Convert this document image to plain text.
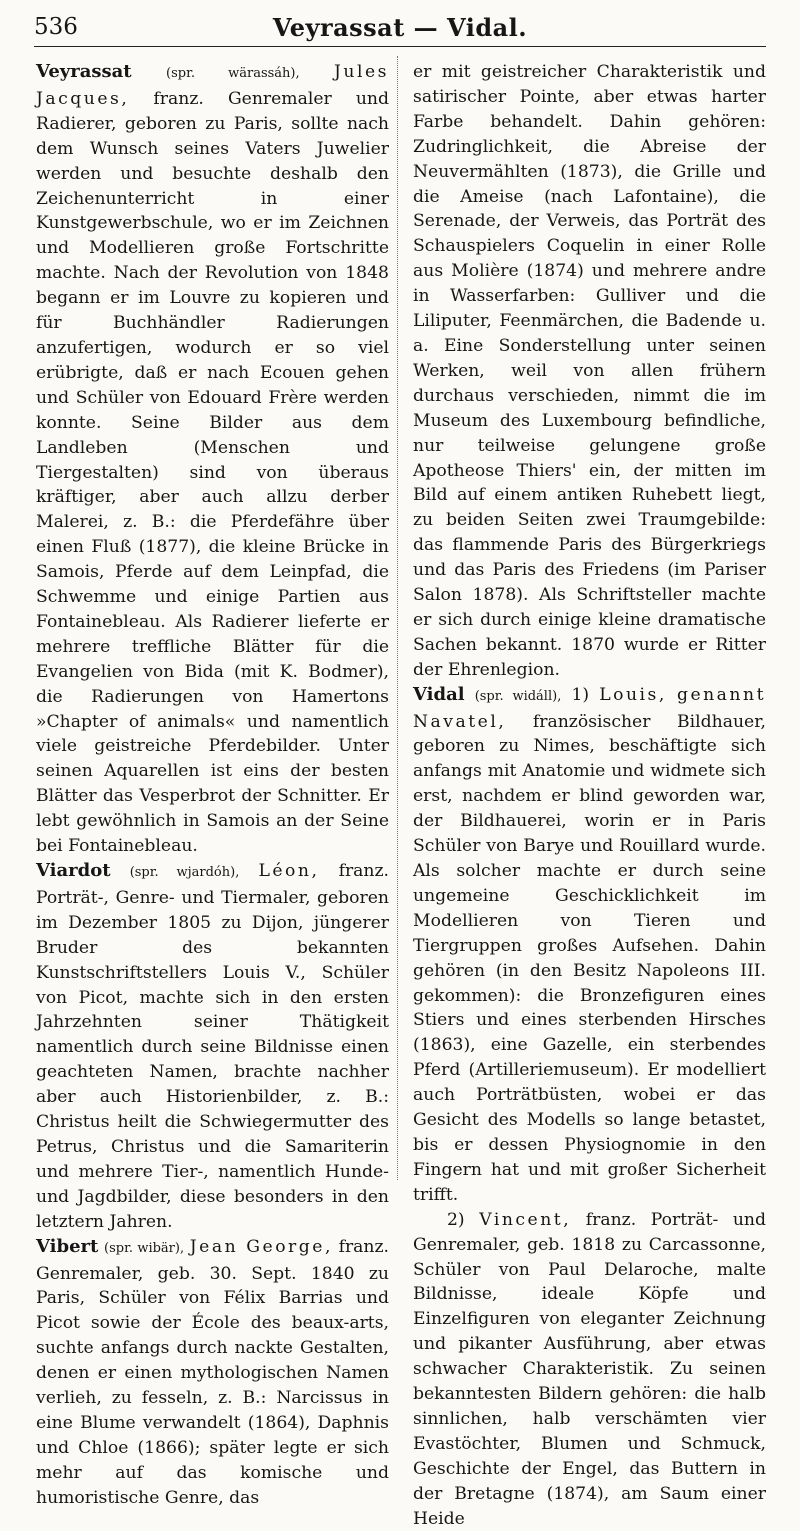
536	Veyrassat — Vidal.

Veyrassat	(spr. wärassáh), Jules Jacques, franz. Genremaler und Radierer, geboren zu Paris, sollte nach dem Wunsch seines Vaters Juwelier werden und besuchte deshalb den Zeichenunterricht in einer Kunstgewerbschule, wo er im Zeichnen und Modellieren große Fortschritte machte. Nach der Revolution von 1848 begann er im Louvre zu kopieren und für Buchhändler Radierungen anzufertigen, wodurch er so viel erübrigte, daß er nach Ecouen gehen und Schüler von Edouard Frère werden konnte. Seine Bilder aus dem Landleben (Menschen und Tiergestalten) sind von überaus kräftiger, aber auch allzu derber Malerei, z. B.: die Pferdefähre über einen Fluß (1877), die kleine Brücke in Samois, Pferde auf dem Leinpfad, die Schwemme und einige Partien aus Fontainebleau. Als Radierer lieferte er mehrere treffliche Blätter für die Evangelien von Bida (mit K. Bodmer), die Radierungen von Hamertons »Chapter of animals« und namentlich viele geistreiche Pferdebilder. Unter seinen Aquarellen ist eins der besten Blätter das Vesperbrot der Schnitter. Er lebt gewöhnlich in Samois an der Seine bei Fontainebleau.

Viardot (spr. wjardóh), Léon, franz. Porträt-, Genre- und Tiermaler, geboren im Dezember 1805 zu Dijon, jüngerer Bruder des bekannten Kunstschriftstellers Louis V., Schüler von Picot, machte sich in den ersten Jahrzehnten seiner Thätigkeit namentlich durch seine Bildnisse einen geachteten Namen, brachte nachher aber auch Historienbilder, z. B.: Christus heilt die Schwiegermutter des Petrus, Christus und die Samariterin und mehrere Tier-, namentlich Hunde- und Jagdbilder, diese besonders in den letztern Jahren.

Vibert (spr. wibär), Jean George, franz. Genremaler, geb. 30. Sept. 1840 zu Paris, Schüler von Félix Barrias und Picot sowie der École des beaux-arts, suchte anfangs durch nackte Gestalten, denen er einen mythologischen Namen verlieh, zu fesseln, z. B.: Narcissus in eine Blume verwandelt (1864), Daphnis und Chloe (1866); später legte er sich mehr auf das komische und humoristische Genre, das

er mit geistreicher Charakteristik und satirischer Pointe, aber etwas harter Farbe behandelt. Dahin gehören: Zudringlichkeit, die Abreise der Neuvermählten (1873), die Grille und die Ameise (nach Lafontaine), die Serenade, der Verweis, das Porträt des Schauspielers Coquelin in einer Rolle aus Molière (1874) und mehrere andre in Wasserfarben: Gulliver und die Liliputer, Feenmärchen, die Badende u. a. Eine Sonderstellung unter seinen Werken, weil von allen frühern durchaus verschieden, nimmt die im Museum des Luxembourg befindliche, nur teilweise gelungene große Apotheose Thiers' ein, der mitten im Bild auf einem antiken Ruhebett liegt, zu beiden Seiten zwei Traumgebilde: das flammende Paris des Bürgerkriegs und das Paris des Friedens (im Pariser Salon 1878). Als Schriftsteller machte er sich durch einige kleine dramatische Sachen bekannt. 1870 wurde er Ritter der Ehrenlegion.

Vidal (spr. widáll), 1) Louis, genannt Navatel, französischer Bildhauer, geboren zu Nimes, beschäftigte sich anfangs mit Anatomie und widmete sich erst, nachdem er blind geworden war, der Bildhauerei, worin er in Paris Schüler von Barye und Rouillard wurde. Als solcher machte er durch seine ungemeine Geschicklichkeit im Modellieren von Tieren und Tiergruppen großes Aufsehen. Dahin gehören (in den Besitz Napoleons III. gekommen): die Bronzefiguren eines Stiers und eines sterbenden Hirsches (1863), eine Gazelle, ein sterbendes Pferd (Artilleriemuseum). Er modelliert auch Porträtbüsten, wobei er das Gesicht des Modells so lange betastet, bis er dessen Physiognomie in den Fingern hat und mit großer Sicherheit trifft.

2) Vincent, franz. Porträt- und Genremaler, geb. 1818 zu Carcassonne, Schüler von Paul Delaroche, malte Bildnisse, ideale Köpfe und Einzelfiguren von eleganter Zeichnung und pikanter Ausführung, aber etwas schwacher Charakteristik. Zu seinen bekanntesten Bildern gehören: die halb sinnlichen, halb verschämten vier Evastöchter, Blumen und Schmuck, Geschichte der Engel, das Buttern in der Bretagne (1874), am Saum einer Heide
